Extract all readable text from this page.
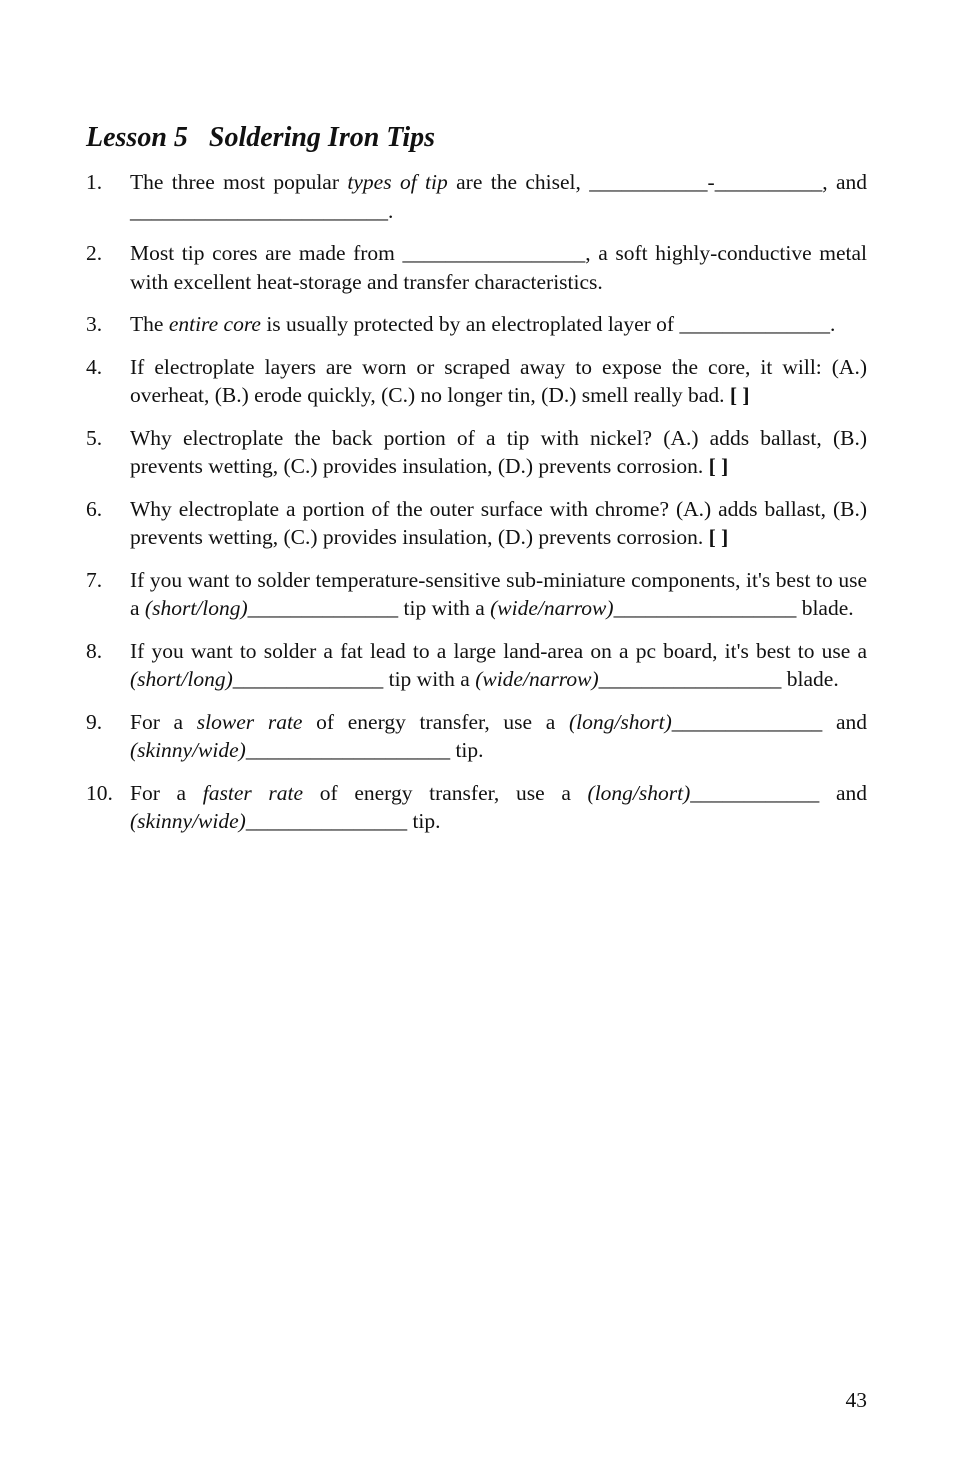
Lesson 5   Soldering Iron Tips
1. The three most popular types of tip are the chisel, ___________-__________, and ________________________.
2. Most tip cores are made from _________________, a soft highly-conductive metal with excellent heat-storage and transfer characteristics.
3. The entire core is usually protected by an electroplated layer of ______________.
4. If electroplate layers are worn or scraped away to expose the core, it will: (A.) overheat, (B.) erode quickly, (C.) no longer tin, (D.) smell really bad. [ ]
5. Why electroplate the back portion of a tip with nickel? (A.) adds ballast, (B.) prevents wetting, (C.) provides insulation, (D.) prevents corrosion. [ ]
6. Why electroplate a portion of the outer surface with chrome? (A.) adds ballast, (B.) prevents wetting, (C.) provides insulation, (D.) prevents corrosion. [ ]
7. If you want to solder temperature-sensitive sub-miniature components, it's best to use a (short/long)______________ tip with a (wide/narrow)_________________ blade.
8. If you want to solder a fat lead to a large land-area on a pc board, it's best to use a (short/long)______________ tip with a (wide/narrow)_________________ blade.
9. For a slower rate of energy transfer, use a (long/short)______________ and (skinny/wide)___________________ tip.
10. For a faster rate of energy transfer, use a (long/short)____________ and (skinny/wide)_______________ tip.
43
